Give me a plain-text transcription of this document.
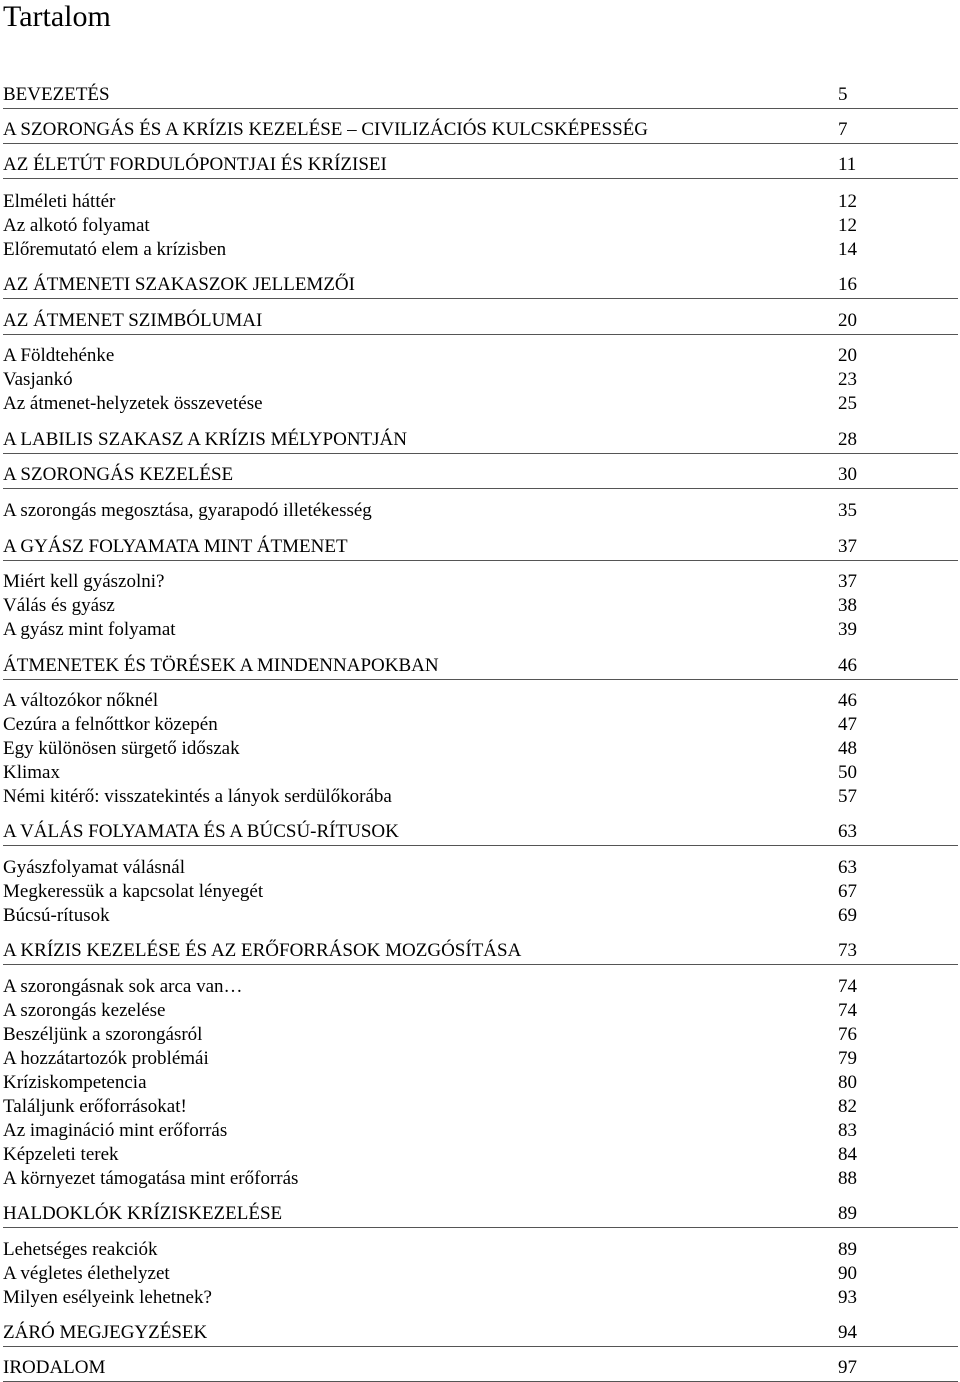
Tartalom
BEVEZETÉS	5
A SZORONGÁS ÉS A KRÍZIS KEZELÉSE – CIVILIZÁCIÓS KULCSKÉPESSÉG	7
AZ ÉLETÚT FORDULÓPONTJAI ÉS KRÍZISEI	11
Elméleti háttér	12
Az alkotó folyamat	12
Előremutató elem a krízisben	14
AZ ÁTMENETI SZAKASZOK JELLEMZŐI	16
AZ ÁTMENET SZIMBÓLUMAI	20
A Földtehénke	20
Vasjankó	23
Az átmenet-helyzetek összevetése	25
A LABILIS SZAKASZ A KRÍZIS MÉLYPONTJÁN	28
A SZORONGÁS KEZELÉSE	30
A szorongás megosztása, gyarapodó illetékesség	35
A GYÁSZ FOLYAMATA MINT ÁTMENET	37
Miért kell gyászolni?	37
Válás és gyász	38
A gyász mint folyamat	39
ÁTMENETEK ÉS TÖRÉSEK A MINDENNAPOKBAN	46
A változókor nőknél	46
Cezúra a felnőttkor közepén	47
Egy különösen sürgető időszak	48
Klimax	50
Némi kitérő: visszatekintés a lányok serdülőkorába	57
A VÁLÁS FOLYAMATA ÉS A BÚCSÚ-RÍTUSOK	63
Gyászfolyamat válásnál	63
Megkeressük a kapcsolat lényegét	67
Búcsú-rítusok	69
A KRÍZIS KEZELÉSE ÉS AZ ERŐFORRÁSOK MOZGÓSÍTÁSA	73
A szorongásnak sok arca van…	74
A szorongás kezelése	74
Beszéljünk a szorongásról	76
A hozzátartozók problémái	79
Kríziskompetencia	80
Találjunk erőforrásokat!	82
Az imagináció mint erőforrás	83
Képzeleti terek	84
A környezet támogatása mint erőforrás	88
HALDOKLÓK KRÍZISKEZELÉSE	89
Lehetséges reakciók	89
A végletes élethelyzet	90
Milyen esélyeink lehetnek?	93
ZÁRÓ MEGJEGYZÉSEK	94
IRODALOM	97
